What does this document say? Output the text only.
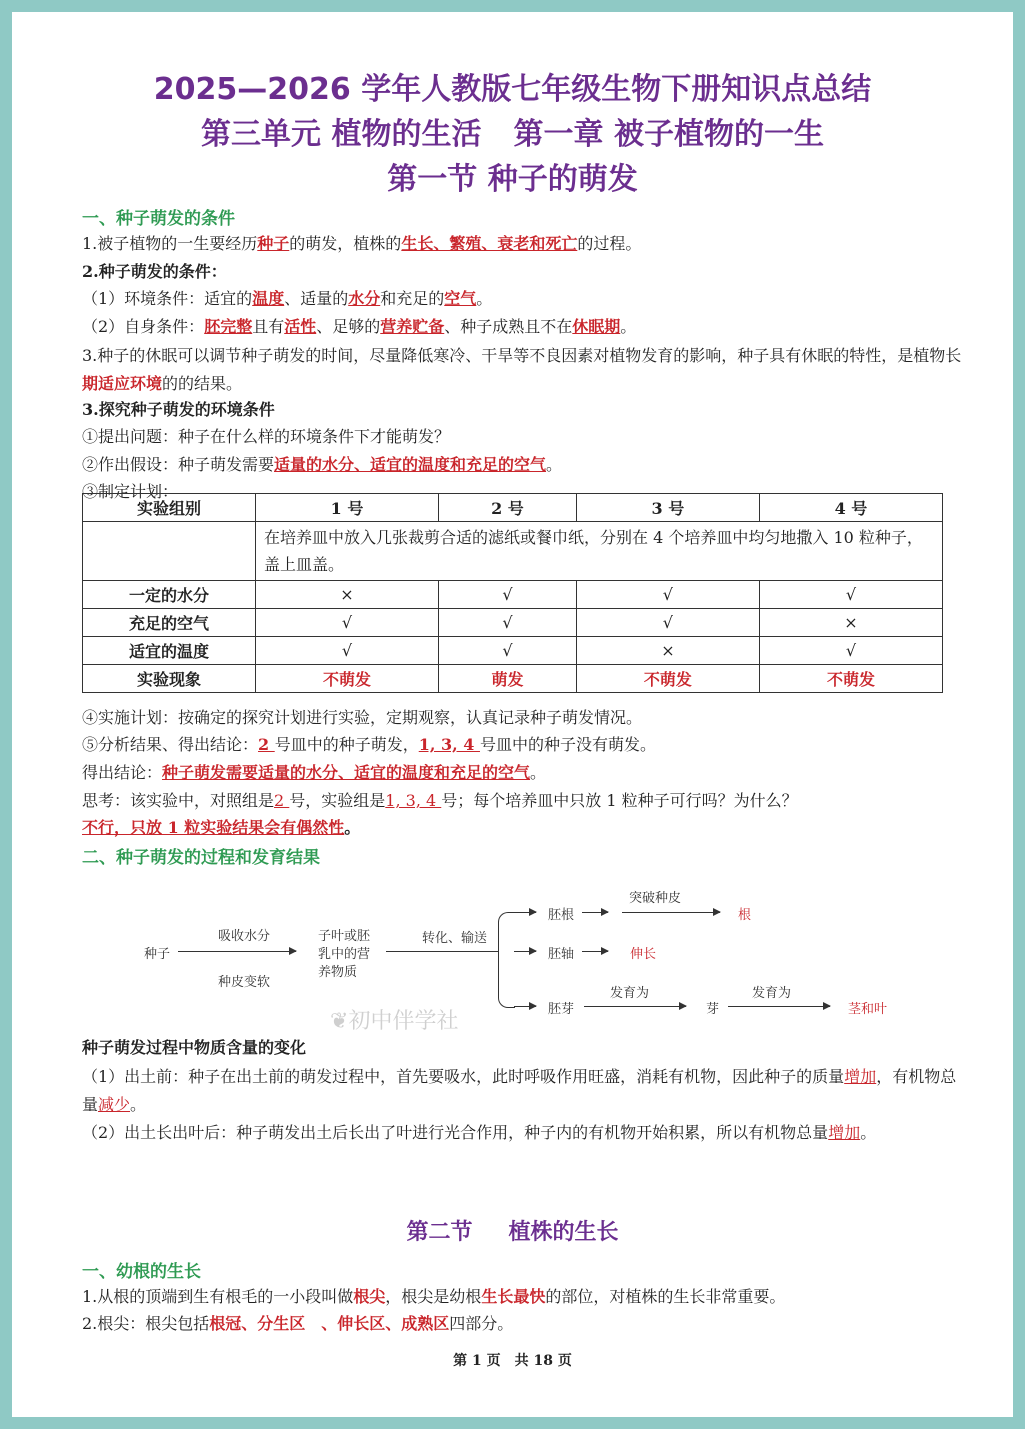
2025—2026 学年人教版七年级生物下册知识点总结
第三单元 植物的生活 第一章 被子植物的一生
第一节 种子的萌发
一、种子萌发的条件
1.被子植物的一生要经历种子的萌发，植株的生长、繁殖、衰老和死亡的过程。
2.种子萌发的条件：
（1）环境条件：适宜的温度、适量的水分和充足的空气。
（2）自身条件：胚完整且有活性、足够的营养贮备、种子成熟且不在休眠期。
3.种子的休眠可以调节种子萌发的时间，尽量降低寒冷、干旱等不良因素对植物发育的影响，种子具有休眠的特性，是植物长期适应环境的的结果。
3.探究种子萌发的环境条件
①提出问题：种子在什么样的环境条件下才能萌发？
②作出假设：种子萌发需要适量的水分、适宜的温度和充足的空气。
③制定计划：
实验组别	1 号	2 号	3 号	4 号
	在培养皿中放入几张裁剪合适的滤纸或餐巾纸，分别在 4 个培养皿中均匀地撒入 10 粒种子，盖上皿盖。			
一定的水分	×	√	√	√
充足的空气	√	√	√	×
适宜的温度	√	√	×	√
实验现象	不萌发	萌发	不萌发	不萌发
④实施计划：按确定的探究计划进行实验，定期观察，认真记录种子萌发情况。
⑤分析结果、得出结论：2 号皿中的种子萌发，1, 3, 4 号皿中的种子没有萌发。
得出结论：种子萌发需要适量的水分、适宜的温度和充足的空气。
思考：该实验中，对照组是2 号，实验组是1, 3, 4 号；每个培养皿中只放 1 粒种子可行吗？为什么？
不行，只放 1 粒实验结果会有偶然性。
二、种子萌发的过程和发育结果
种子
吸收水分
种皮变软
子叶或胚
乳中的营
养物质
转化、输送
胚根
突破种皮
根
胚轴	伸长
胚芽
发育为
芽
发育为
茎和叶
❦初中伴学社
种子萌发过程中物质含量的变化
（1）出土前：种子在出土前的萌发过程中，首先要吸水，此时呼吸作用旺盛，消耗有机物，因此种子的质量增加，有机物总量减少。
（2）出土长出叶后：种子萌发出土后长出了叶进行光合作用，种子内的有机物开始积累，所以有机物总量增加。
第二节 植株的生长
一、幼根的生长
1.从根的顶端到生有根毛的一小段叫做根尖，根尖是幼根生长最快的部位，对植株的生长非常重要。
2.根尖：根尖包括根冠、分生区　、伸长区、成熟区四部分。
第 1 页　共 18 页
